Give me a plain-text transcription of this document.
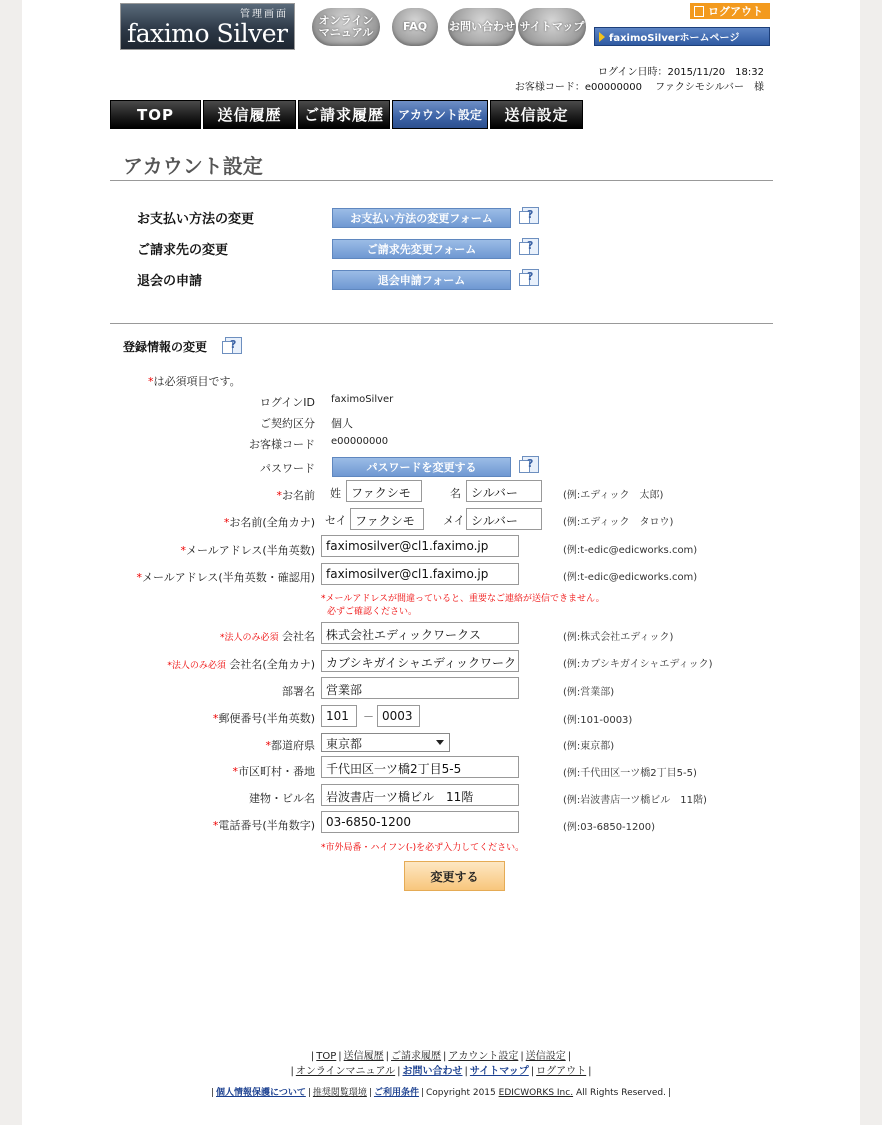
管理画面
faximo Silver	オンライン
マニュアル	FAQ	お問い合わせ サイトマップ
ログアウト
faximoSilverホームページ
ログイン日時：2015/11/20　18:32
お客様コード：e00000000　 ファクシモシルバー　様
TOP	送信履歴	ご請求履歴	アカウント設定	送信設定
アカウント設定
お支払い方法の変更	お支払い方法の変更フォーム
?
ご請求先の変更	ご請求先変更フォーム
?
退会の申請	退会申請フォーム
?
登録情報の変更
?
*は必須項目です。
ログインID faximoSilver
ご契約区分 個人
お客様コード e00000000
パスワード	パスワードを変更する
?
*お名前 姓 ファクシモ	名 シルバー	(例:エディック　太郎)
*お名前(全角カナ) セイ ファクシモ	メイ シルバー	(例:エディック　タロウ)
*メールアドレス(半角英数) faximosilver@cl1.faximo.jp	(例:t-edic@edicworks.com)
*メールアドレス(半角英数・確認用) faximosilver@cl1.faximo.jp	(例:t-edic@edicworks.com)
*メールアドレスが間違っていると、重要なご連絡が送信できません。
必ずご確認ください。
*法人のみ必須 会社名 株式会社エディックワークス	(例:株式会社エディック)
*法人のみ必須 会社名(全角カナ) カブシキガイシャエディックワーク	(例:カブシキガイシャエディック)
部署名 営業部	(例:営業部)
*郵便番号(半角英数) 101	－ 0003	(例:101-0003)
*都道府県 東京都	(例:東京都)
*市区町村・番地 千代田区一ツ橋2丁目5-5	(例:千代田区一ツ橋2丁目5-5)
建物・ビル名 岩波書店一ツ橋ビル　11階	(例:岩波書店一ツ橋ビル　11階)
*電話番号(半角数字) 03-6850-1200	(例:03-6850-1200)
*市外局番・ハイフン(-)を必ず入力してください。
変更する
| TOP | 送信履歴 | ご請求履歴 | アカウント設定 | 送信設定 |
| オンラインマニュアル | お問い合わせ | サイトマップ | ログアウト |
| 個人情報保護について | 推奨閲覧環境 | ご利用条件 | Copyright 2015 EDICWORKS Inc. All Rights Reserved. |
